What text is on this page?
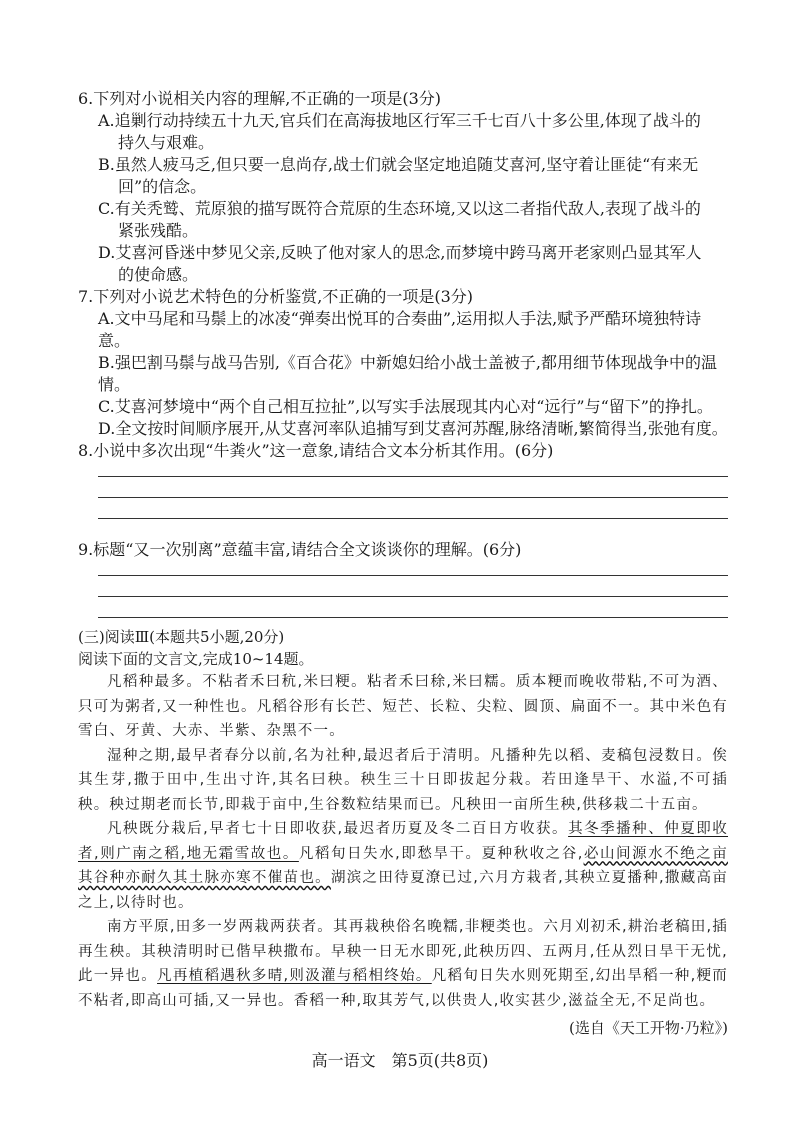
6.下列对小说相关内容的理解,不正确的一项是(3分)

A.追剿行动持续五十九天,官兵们在高海拔地区行军三千七百八十多公里,体现了战斗的
持久与艰难。

B.虽然人疲马乏,但只要一息尚存,战士们就会坚定地追随艾喜河,坚守着让匪徒“有来无
回”的信念。

C.有关秃鹫、荒原狼的描写既符合荒原的生态环境,又以这二者指代敌人,表现了战斗的
紧张残酷。

D.艾喜河昏迷中梦见父亲,反映了他对家人的思念,而梦境中跨马离开老家则凸显其军人
的使命感。

7.下列对小说艺术特色的分析鉴赏,不正确的一项是(3分)

A.文中马尾和马鬃上的冰凌“弹奏出悦耳的合奏曲”,运用拟人手法,赋予严酷环境独特诗意。

B.强巴割马鬃与战马告别,《百合花》中新媳妇给小战士盖被子,都用细节体现战争中的温情。

C.艾喜河梦境中“两个自己相互拉扯”,以写实手法展现其内心对“远行”与“留下”的挣扎。

D.全文按时间顺序展开,从艾喜河率队追捕写到艾喜河苏醒,脉络清晰,繁简得当,张弛有度。

8.小说中多次出现“牛粪火”这一意象,请结合文本分析其作用。(6分)

9.标题“又一次别离”意蕴丰富,请结合全文谈谈你的理解。(6分)

(三)阅读Ⅲ(本题共5小题,20分)

阅读下面的文言文,完成10~14题。

凡稻种最多。不粘者禾曰秔,米曰粳。粘者禾曰稌,米曰糯。质本粳而晚收带粘,不可为酒、只可为粥者,又一种性也。凡稻谷形有长芒、短芒、长粒、尖粒、圆顶、扁面不一。其中米色有雪白、牙黄、大赤、半紫、杂黑不一。

湿种之期,最早者春分以前,名为社种,最迟者后于清明。凡播种先以稻、麦稿包浸数日。俟其生芽,撒于田中,生出寸许,其名曰秧。秧生三十日即拔起分栽。若田逢旱干、水溢,不可插秧。秧过期老而长节,即栽于亩中,生谷数粒结果而已。凡秧田一亩所生秧,供移栽二十五亩。

凡秧既分栽后,早者七十日即收获,最迟者历夏及冬二百日方收获。其冬季播种、仲夏即收者,则广南之稻,地无霜雪故也。凡稻旬日失水,即愁旱干。夏种秋收之谷,必山间源水不绝之亩其谷种亦耐久其土脉亦寒不催苗也。湖滨之田待夏潦已过,六月方栽者,其秧立夏播种,撒藏高亩之上,以待时也。

南方平原,田多一岁两栽两获者。其再栽秧俗名晚糯,非粳类也。六月刈初禾,耕治老稿田,插再生秧。其秧清明时已偕早秧撒布。早秧一日无水即死,此秧历四、五两月,任从烈日旱干无忧,此一异也。凡再植稻遇秋多晴,则汲灌与稻相终始。凡稻旬日失水则死期至,幻出旱稻一种,粳而不粘者,即高山可插,又一异也。香稻一种,取其芳气,以供贵人,收实甚少,滋益全无,不足尚也。

(选自《天工开物·乃粒》)

高一语文　第5页(共8页)
